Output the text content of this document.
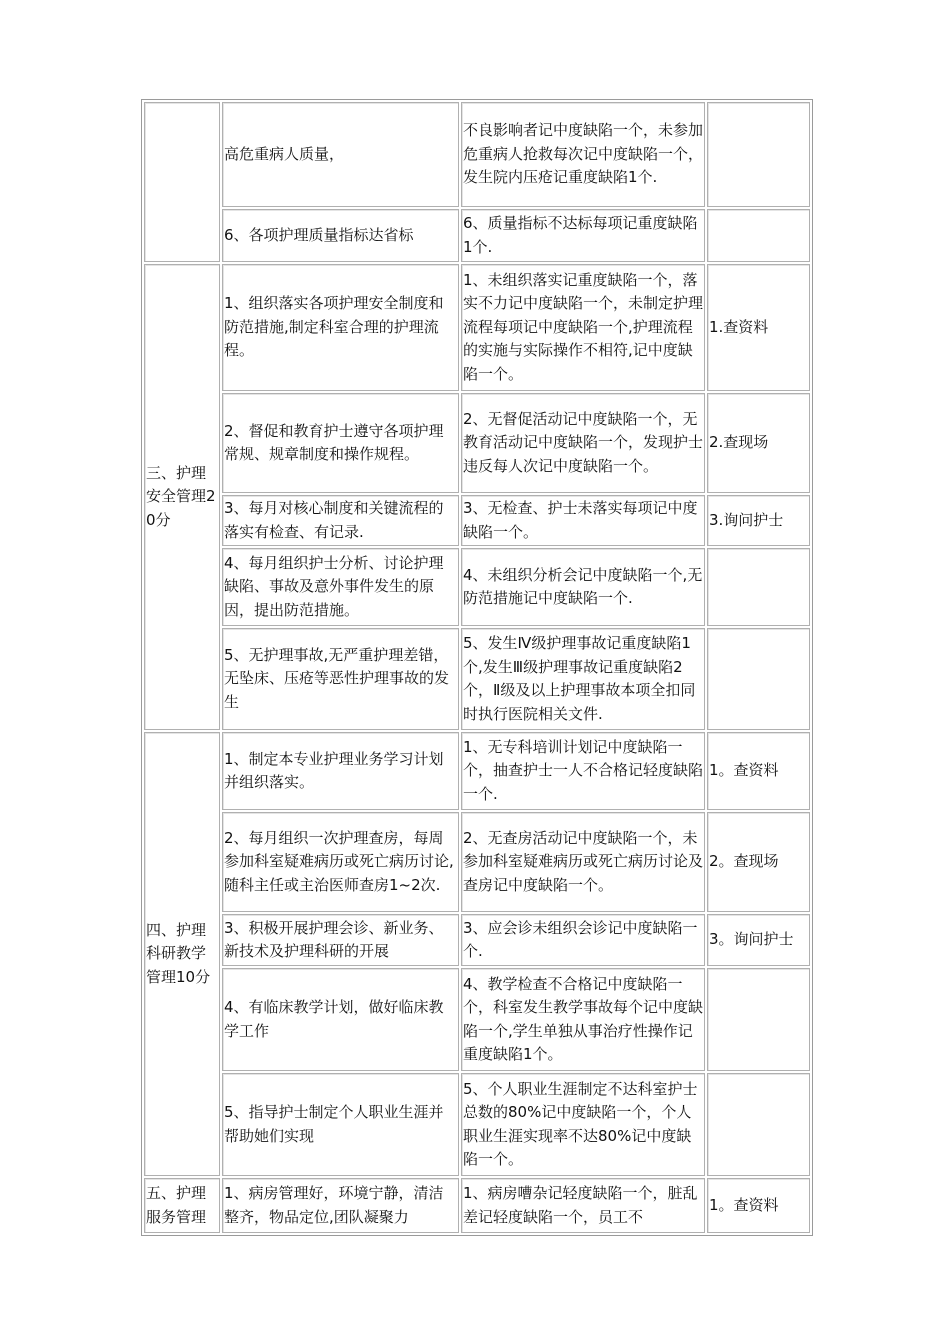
	高危重病人质量，	不良影响者记中度缺陷一个，未参加危重病人抢救每次记中度缺陷一个，发生院内压疮记重度缺陷1个.	
	6、各项护理质量指标达省标	6、质量指标不达标每项记重度缺陷1个.	
三、护理安全管理20分	1、组织落实各项护理安全制度和防范措施,制定科室合理的护理流程。	1、未组织落实记重度缺陷一个，落实不力记中度缺陷一个，未制定护理流程每项记中度缺陷一个,护理流程的实施与实际操作不相符,记中度缺陷一个。	1.查资料
	2、督促和教育护士遵守各项护理常规、规章制度和操作规程。	2、无督促活动记中度缺陷一个，无教育活动记中度缺陷一个，发现护士违反每人次记中度缺陷一个。	2.查现场
	3、每月对核心制度和关键流程的落实有检查、有记录.	3、无检查、护士未落实每项记中度缺陷一个。	3.询问护士
	4、每月组织护士分析、讨论护理缺陷、事故及意外事件发生的原因，提出防范措施。	4、未组织分析会记中度缺陷一个,无防范措施记中度缺陷一个.	
	5、无护理事故,无严重护理差错，无坠床、压疮等恶性护理事故的发生	5、发生Ⅳ级护理事故记重度缺陷1个,发生Ⅲ级护理事故记重度缺陷2个，Ⅱ级及以上护理事故本项全扣同时执行医院相关文件.	
四、护理科研教学管理10分	1、制定本专业护理业务学习计划并组织落实。	1、无专科培训计划记中度缺陷一个，抽查护士一人不合格记轻度缺陷一个.	1。查资料
	2、每月组织一次护理查房，每周参加科室疑难病历或死亡病历讨论,随科主任或主治医师查房1~2次.	2、无查房活动记中度缺陷一个，未参加科室疑难病历或死亡病历讨论及查房记中度缺陷一个。	2。查现场
	3、积极开展护理会诊、新业务、新技术及护理科研的开展	3、应会诊未组织会诊记中度缺陷一个.	3。询问护士
	4、有临床教学计划，做好临床教学工作	4、教学检查不合格记中度缺陷一个，科室发生教学事故每个记中度缺陷一个,学生单独从事治疗性操作记重度缺陷1个。	
	5、指导护士制定个人职业生涯并帮助她们实现	5、个人职业生涯制定不达科室护士总数的80%记中度缺陷一个，个人职业生涯实现率不达80%记中度缺陷一个。	
五、护理服务管理	1、病房管理好，环境宁静，清洁整齐，物品定位,团队凝聚力	1、病房嘈杂记轻度缺陷一个，脏乱差记轻度缺陷一个，员工不	1。查资料
